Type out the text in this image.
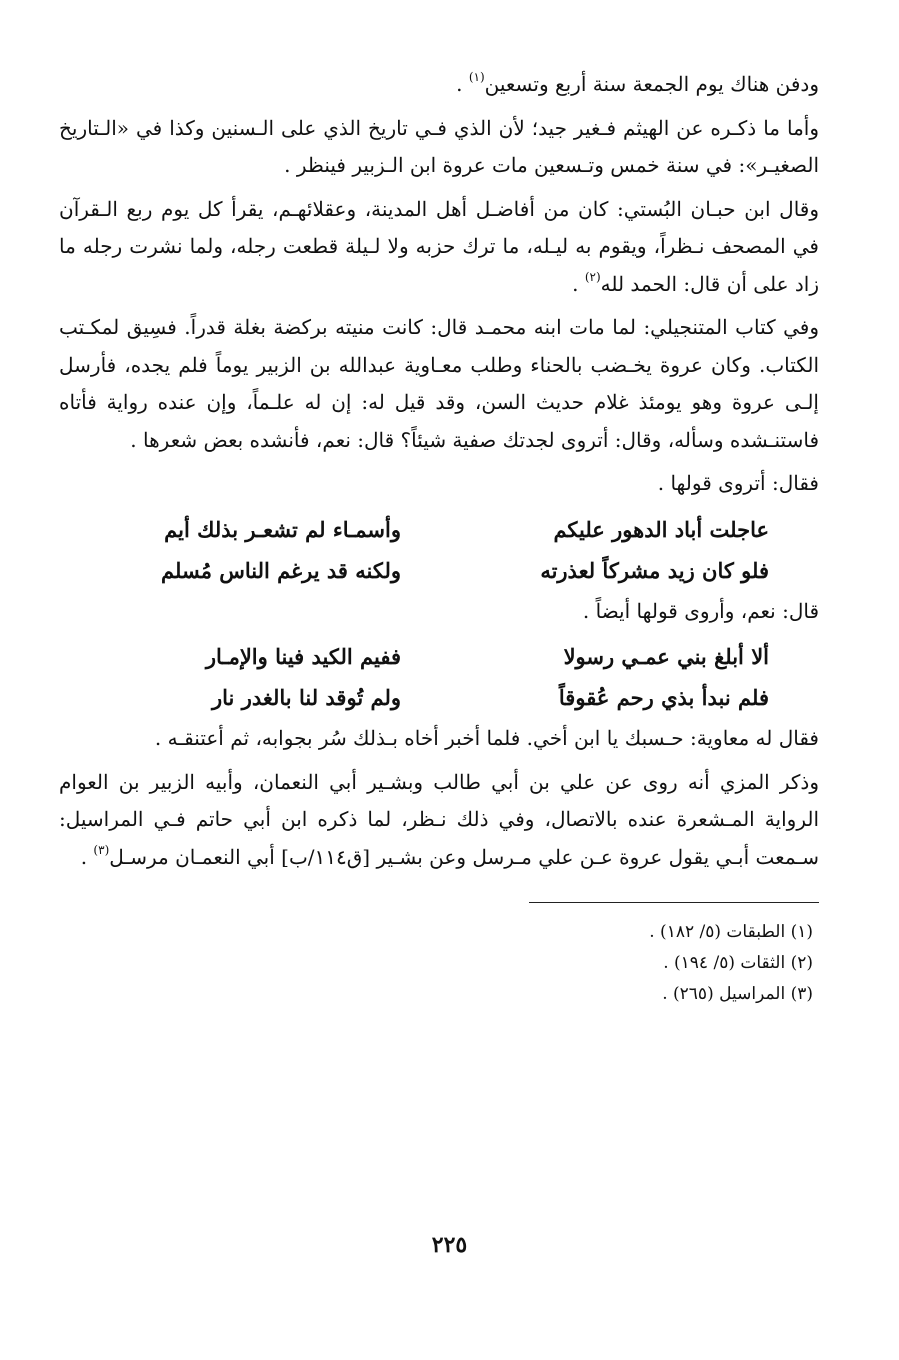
ودفن هناك يوم الجمعة سنة أربع وتسعين$^{(١)}$ .

وأما ما ذكـره عن الهيثم فـغير جيد؛ لأن الذي فـي تاريخ الذي على الـسنين وكذا في «الـتاريخ الصغيـر»: في سنة خمس وتـسعين مات عروة ابن الـزبير فينظر .

وقال ابن حبـان البُستي: كان من أفاضـل أهل المدينة، وعقلائهـم، يقرأ كل يوم ربع الـقرآن في المصحف نـظراً، ويقوم به ليـله، ما ترك حزبه ولا لـيلة قطعت رجله، ولما نشرت رجله ما زاد على أن قال: الحمد لله$^{(٢)}$ .

وفي كتاب المتنجيلي: لما مات ابنه محمـد قال: كانت منيته بركضة بغلة قدراً. فسِيق لمكـتب الكتاب. وكان عروة يخـضب بالحناء وطلب معـاوية عبدالله بن الزبير يوماً فلم يجده، فأرسل إلـى عروة وهو يومئذ غلام حديث السن، وقد قيل له: إن له علـماً، وإن عنده رواية فأتاه فاستنـشده وسأله، وقال: أتروى لجدتك صفية شيئاً؟ قال: نعم، فأنشده بعض شعرها .

فقال: أتروى قولها .

عاجلت أباد الدهور عليكم
وأسمـاء لم تشعـر بذلك أيم
فلو كان زيد مشركاً لعذرته
ولكنه قد يرغم الناس مُسلم

قال: نعم، وأروى قولها أيضاً .

ألا أبلغ بني عمـي رسولا
ففيم الكيد فينا والإمـار
فلم نبدأ بذي رحم عُقوقاً
ولم تُوقد لنا بالغدر نار

فقال له معاوية: حـسبك يا ابن أخي. فلما أخبر أخاه بـذلك سُر بجوابه، ثم أعتنقـه .

وذكر المزي أنه روى عن علي بن أبي طالب وبشـير أبي النعمان، وأبيه الزبير بن العوام الرواية المـشعرة عنده بالاتصال، وفي ذلك نـظر، لما ذكره ابن أبي حاتم فـي المراسيل: سـمعت أبـي يقول عروة عـن علي مـرسل وعن بشـير [ق١١٤/ب] أبي النعمـان مرسـل$^{(٣)}$ .

(١) الطبقات (٥/ ١٨٢) .

(٢) الثقات (٥/ ١٩٤) .

(٣) المراسيل (٢٦٥) .

٢٢٥
